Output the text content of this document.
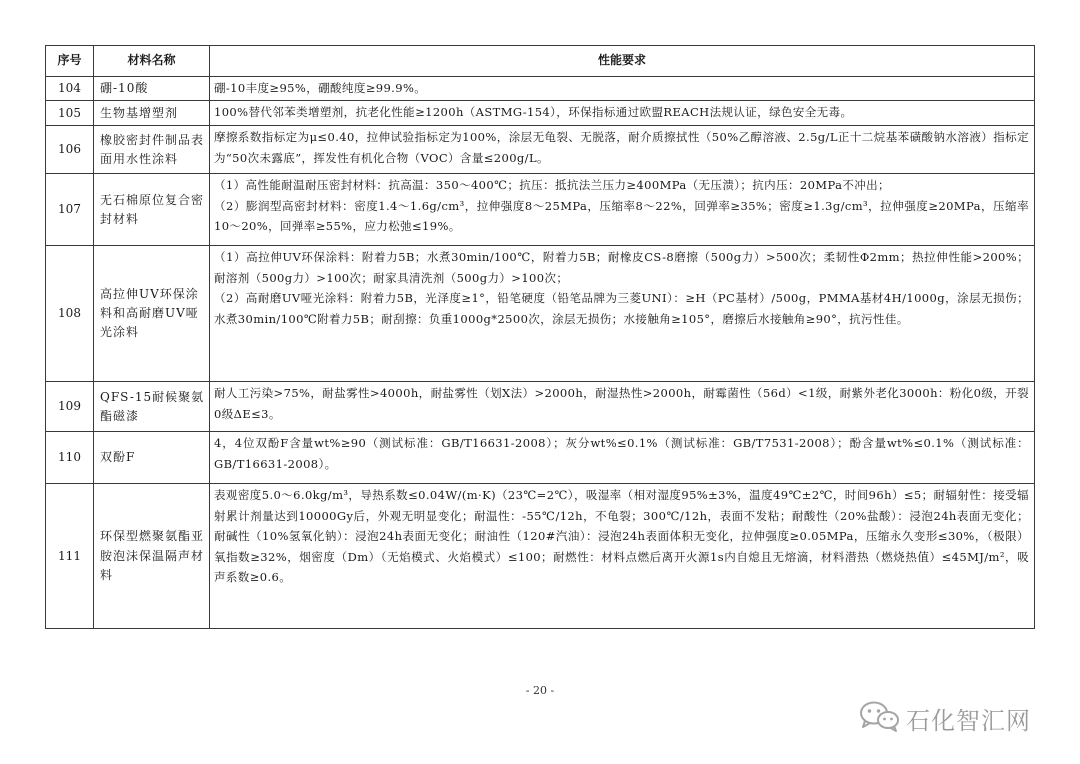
序号	材料名称	性能要求
104	硼-10酸	硼-10丰度≥95%，硼酸纯度≥99.9%。

105	生物基增塑剂	100%替代邻苯类增塑剂，抗老化性能≥1200h（ASTMG-154），环保指标通过欧盟REACH法规认证，绿色安全无毒。

106	橡胶密封件制品表面用水性涂料	摩擦系数指标定为μ≤0.40，拉伸试验指标定为100%，涂层无龟裂、无脱落，耐介质擦拭性（50%乙醇溶液、2.5g/L正十二烷基苯磺酸钠水溶液）指标定为“50次未露底”，挥发性有机化合物（VOC）含量≤200g/L。

107	无石棉原位复合密封材料	（1）高性能耐温耐压密封材料：抗高温：350～400℃；抗压：抵抗法兰压力≥400MPa（无压溃）；抗内压：20MPa不冲出；
（2）膨润型高密封材料：密度1.4～1.6g/cm³，拉伸强度8～25MPa，压缩率8～22%，回弹率≥35%；密度≥1.3g/cm³，拉伸强度≥20MPa，压缩率10～20%，回弹率≥55%，应力松弛≤19%。

108	高拉伸UV环保涂料和高耐磨UV哑光涂料	（1）高拉伸UV环保涂料：附着力5B；水煮30min/100℃，附着力5B；耐橡皮CS-8磨擦（500g力）>500次；柔韧性Φ2mm；热拉伸性能>200%；耐溶剂（500g力）>100次；耐家具清洗剂（500g力）>100次；
（2）高耐磨UV哑光涂料：附着力5B，光泽度≥1°，铅笔硬度（铅笔品牌为三菱UNI）：≥H（PC基材）/500g，PMMA基材4H/1000g，涂层无损伤；水煮30min/100℃附着力5B；耐刮擦：负重1000g*2500次，涂层无损伤；水接触角≥105°，磨擦后水接触角≥90°，抗污性佳。

109	QFS-15耐候聚氨酯磁漆	耐人工污染>75%，耐盐雾性>4000h，耐盐雾性（划X法）>2000h，耐湿热性>2000h，耐霉菌性（56d）<1级，耐紫外老化3000h：粉化0级，开裂0级ΔE≤3。

110	双酚F	4，4位双酚F含量wt%≥90（测试标准：GB/T16631-2008）；灰分wt%≤0.1%（测试标准：GB/T7531-2008）；酚含量wt%≤0.1%（测试标准：GB/T16631-2008）。

111	环保型燃聚氨酯亚胺泡沫保温隔声材料	表观密度5.0～6.0kg/m³，导热系数≤0.04W/(m·K)（23℃=2℃），吸湿率（相对湿度95%±3%，温度49℃±2℃，时间96h）≤5；耐辐射性：接受辐射累计剂量达到10000Gy后，外观无明显变化；耐温性：-55℃/12h，不龟裂；300℃/12h，表面不发粘；耐酸性（20%盐酸）：浸泡24h表面无变化；耐碱性（10%氢氧化钠）：浸泡24h表面无变化；耐油性（120#汽油）：浸泡24h表面体积无变化，拉伸强度≥0.05MPa，压缩永久变形≤30%，（极限）氧指数≥32%，烟密度（Dm）（无焰模式、火焰模式）≤100；耐燃性：材料点燃后离开火源1s内自熄且无熔滴，材料潜热（燃烧热值）≤45MJ/m²，吸声系数≥0.6。
- 20 -
石化智汇网
